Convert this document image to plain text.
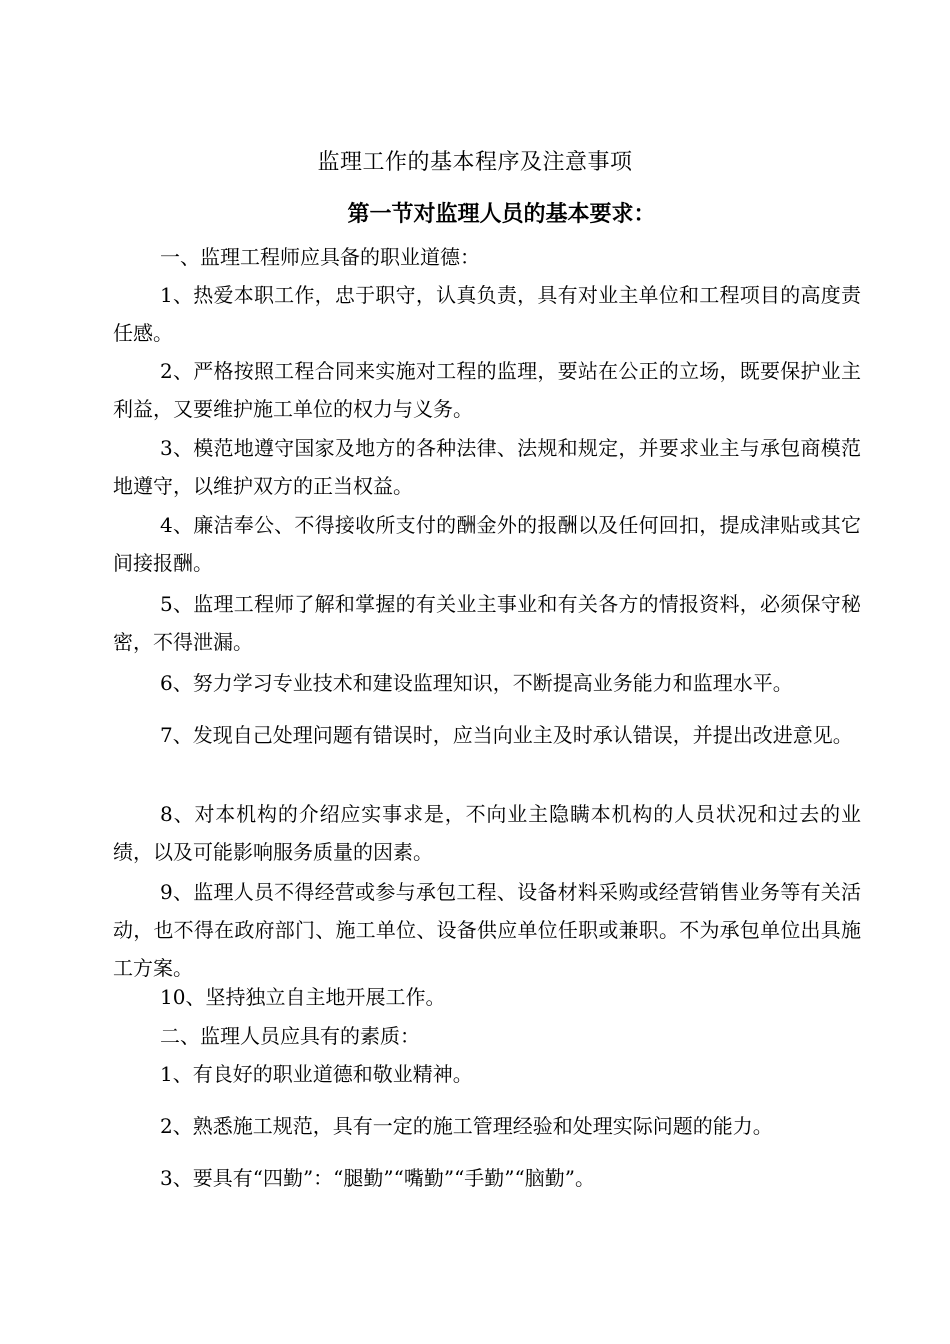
监理工作的基本程序及注意事项
第一节对监理人员的基本要求：
一、监理工程师应具备的职业道德：
1、热爱本职工作，忠于职守，认真负责，具有对业主单位和工程项目的高度责任感。
2、严格按照工程合同来实施对工程的监理，要站在公正的立场，既要保护业主利益，又要维护施工单位的权力与义务。
3、模范地遵守国家及地方的各种法律、法规和规定，并要求业主与承包商模范地遵守，以维护双方的正当权益。
4、廉洁奉公、不得接收所支付的酬金外的报酬以及任何回扣，提成津贴或其它间接报酬。
5、监理工程师了解和掌握的有关业主事业和有关各方的情报资料，必须保守秘密，不得泄漏。
6、努力学习专业技术和建设监理知识，不断提高业务能力和监理水平。
7、发现自己处理问题有错误时，应当向业主及时承认错误，并提出改进意见。
8、对本机构的介绍应实事求是，不向业主隐瞒本机构的人员状况和过去的业绩，以及可能影响服务质量的因素。
9、监理人员不得经营或参与承包工程、设备材料采购或经营销售业务等有关活动，也不得在政府部门、施工单位、设备供应单位任职或兼职。不为承包单位出具施工方案。
10、坚持独立自主地开展工作。
二、监理人员应具有的素质：
1、有良好的职业道德和敬业精神。
2、熟悉施工规范，具有一定的施工管理经验和处理实际问题的能力。
3、要具有“四勤”：“腿勤”“嘴勤”“手勤”“脑勤”。
